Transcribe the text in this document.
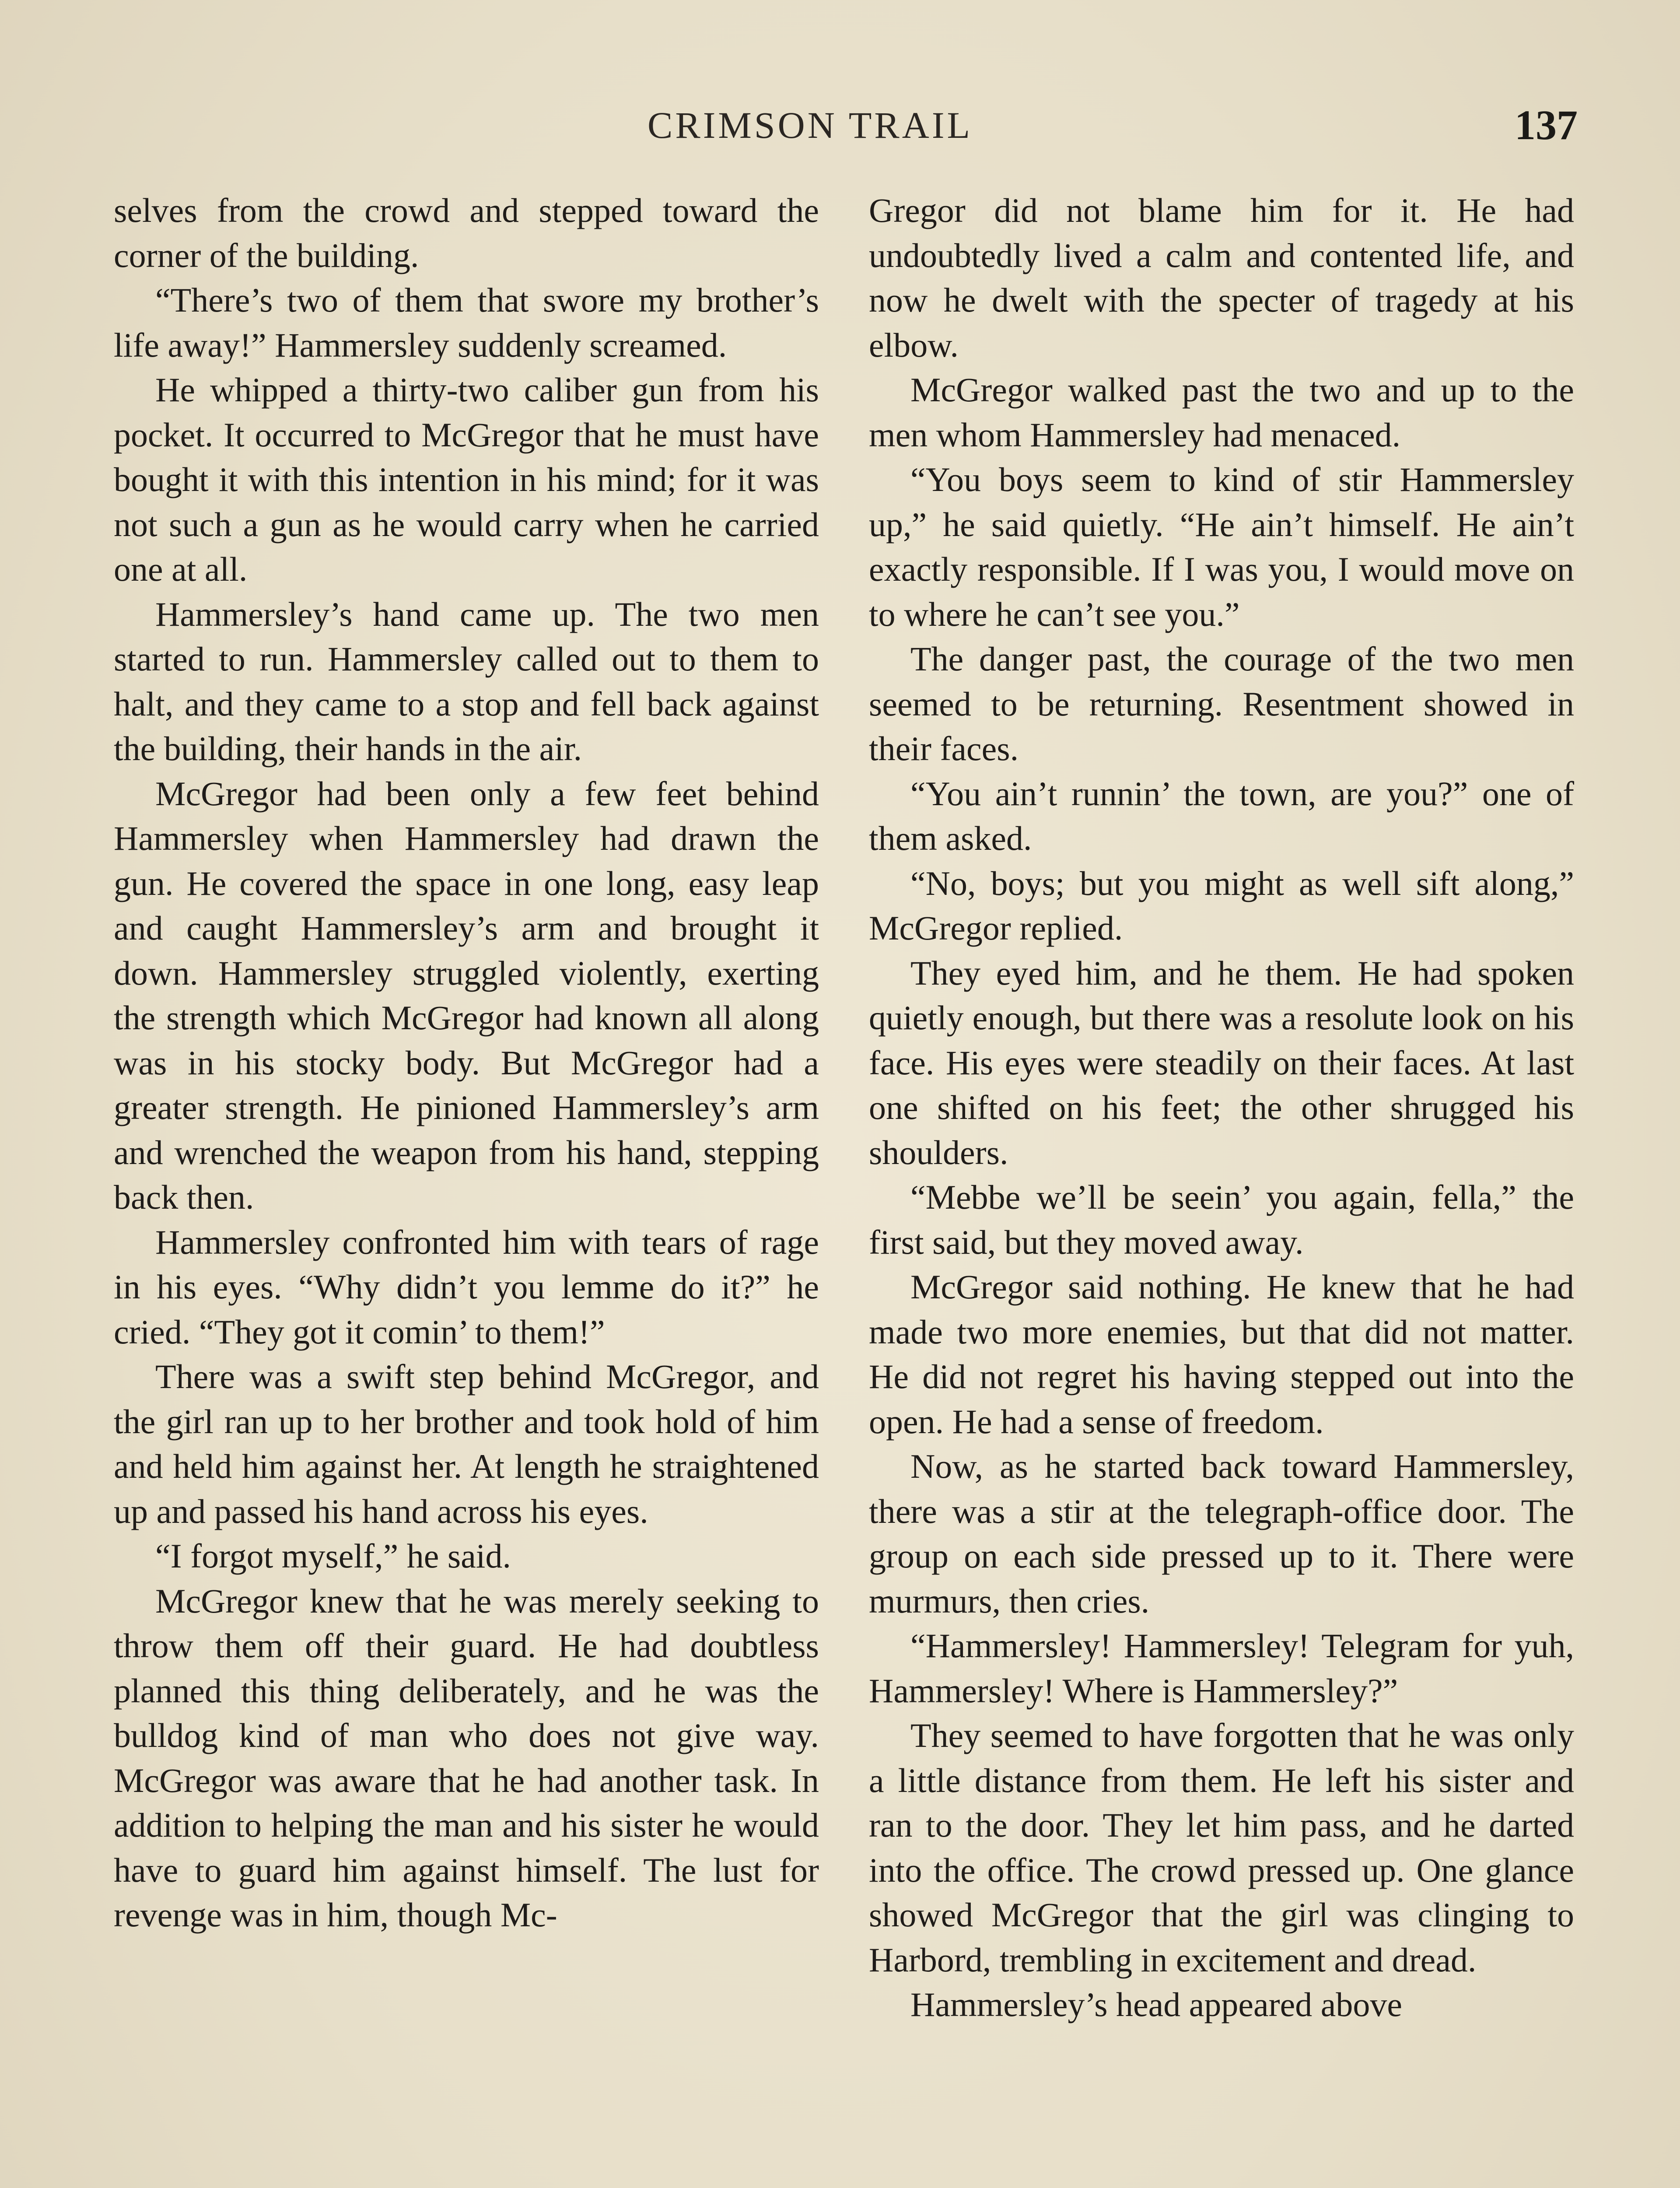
CRIMSON TRAIL	137

selves from the crowd and stepped toward the corner of the building.

“There’s two of them that swore my brother’s life away!” Hammersley suddenly screamed.

He whipped a thirty-two caliber gun from his pocket. It occurred to McGregor that he must have bought it with this intention in his mind; for it was not such a gun as he would carry when he carried one at all.

Hammersley’s hand came up. The two men started to run. Hammersley called out to them to halt, and they came to a stop and fell back against the building, their hands in the air.

McGregor had been only a few feet behind Hammersley when Hammersley had drawn the gun. He covered the space in one long, easy leap and caught Hammersley’s arm and brought it down. Hammersley struggled violently, exerting the strength which McGregor had known all along was in his stocky body. But McGregor had a greater strength. He pinioned Hammersley’s arm and wrenched the weapon from his hand, stepping back then.

Hammersley confronted him with tears of rage in his eyes. “Why didn’t you lemme do it?” he cried. “They got it comin’ to them!”

There was a swift step behind McGregor, and the girl ran up to her brother and took hold of him and held him against her. At length he straightened up and passed his hand across his eyes.

“I forgot myself,” he said.

McGregor knew that he was merely seeking to throw them off their guard. He had doubtless planned this thing deliberately, and he was the bulldog kind of man who does not give way. McGregor was aware that he had another task. In addition to helping the man and his sister he would have to guard him against himself. The lust for revenge was in him, though Mc-

Gregor did not blame him for it. He had undoubtedly lived a calm and contented life, and now he dwelt with the specter of tragedy at his elbow.

McGregor walked past the two and up to the men whom Hammersley had menaced.

“You boys seem to kind of stir Hammersley up,” he said quietly. “He ain’t himself. He ain’t exactly responsible. If I was you, I would move on to where he can’t see you.”

The danger past, the courage of the two men seemed to be returning. Resentment showed in their faces.

“You ain’t runnin’ the town, are you?” one of them asked.

“No, boys; but you might as well sift along,” McGregor replied.

They eyed him, and he them. He had spoken quietly enough, but there was a resolute look on his face. His eyes were steadily on their faces. At last one shifted on his feet; the other shrugged his shoulders.

“Mebbe we’ll be seein’ you again, fella,” the first said, but they moved away.

McGregor said nothing. He knew that he had made two more enemies, but that did not matter. He did not regret his having stepped out into the open. He had a sense of freedom.

Now, as he started back toward Hammersley, there was a stir at the telegraph-office door. The group on each side pressed up to it. There were murmurs, then cries.

“Hammersley! Hammersley! Telegram for yuh, Hammersley! Where is Hammersley?”

They seemed to have forgotten that he was only a little distance from them. He left his sister and ran to the door. They let him pass, and he darted into the office. The crowd pressed up. One glance showed McGregor that the girl was clinging to Harbord, trembling in excitement and dread.

Hammersley’s head appeared above
